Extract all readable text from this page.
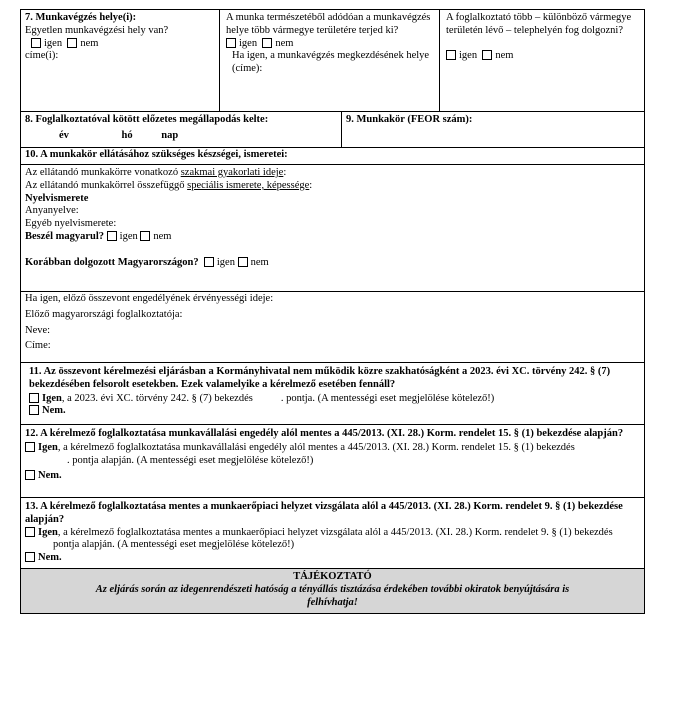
7. Munkavégzés helye(i):

Egyetlen munkavégzési hely van?

igen nem

címe(i):

A munka természetéből adódóan a munkavégzés helye több vármegye területére terjed ki?

igen nem

Ha igen, a munkavégzés megkezdésének helye (címe):

A foglalkoztató több – különböző vármegye területén lévő – telephelyén fog dolgozni?

igen nem

8. Foglalkoztatóval kötött előzetes megállapodás kelte:

év	hó	nap

9. Munkakör (FEOR szám):

10. A munkakör ellátásához szükséges készségei, ismeretei:

Az ellátandó munkakörre vonatkozó szakmai gyakorlati ideje:

Az ellátandó munkakörrel összefüggő speciális ismerete, képessége:

Nyelvismerete

Anyanyelve:

Egyéb nyelvismerete:

Beszél magyarul? igen nem

Korábban dolgozott Magyarországon? igen nem

Ha igen, előző összevont engedélyének érvényességi ideje:

Előző magyarországi foglalkoztatója:

Neve:

Címe:

11. Az összevont kérelmezési eljárásban a Kormányhivatal nem működik közre szakhatóságként a 2023. évi XC. törvény 242. § (7) bekezdésében felsorolt esetekben. Ezek valamelyike a kérelmező esetében fennáll?

Igen, a 2023. évi XC. törvény 242. § (7) bekezdés	. pontja. (A mentességi eset megjelölése kötelező!)

Nem.

12. A kérelmező foglalkoztatása munkavállalási engedély alól mentes a 445/2013. (XI. 28.) Korm. rendelet 15. § (1) bekezdése alapján?

Igen, a kérelmező foglalkoztatása munkavállalási engedély alól mentes a 445/2013. (XI. 28.) Korm. rendelet 15. § (1) bekezdés

. pontja alapján. (A mentességi eset megjelölése kötelező!)

Nem.

13. A kérelmező foglalkoztatása mentes a munkaerőpiaci helyzet vizsgálata alól a 445/2013. (XI. 28.) Korm. rendelet 9. § (1) bekezdése alapján?

Igen, a kérelmező foglalkoztatása mentes a munkaerőpiaci helyzet vizsgálata alól a 445/2013. (XI. 28.) Korm. rendelet 9. § (1) bekezdéspontja alapján. (A mentességi eset megjelölése kötelező!)

Nem.

TÁJÉKOZTATÓ

Az eljárás során az idegenrendészeti hatóság a tényállás tisztázása érdekében további okiratok benyújtására is felhívhatja!
